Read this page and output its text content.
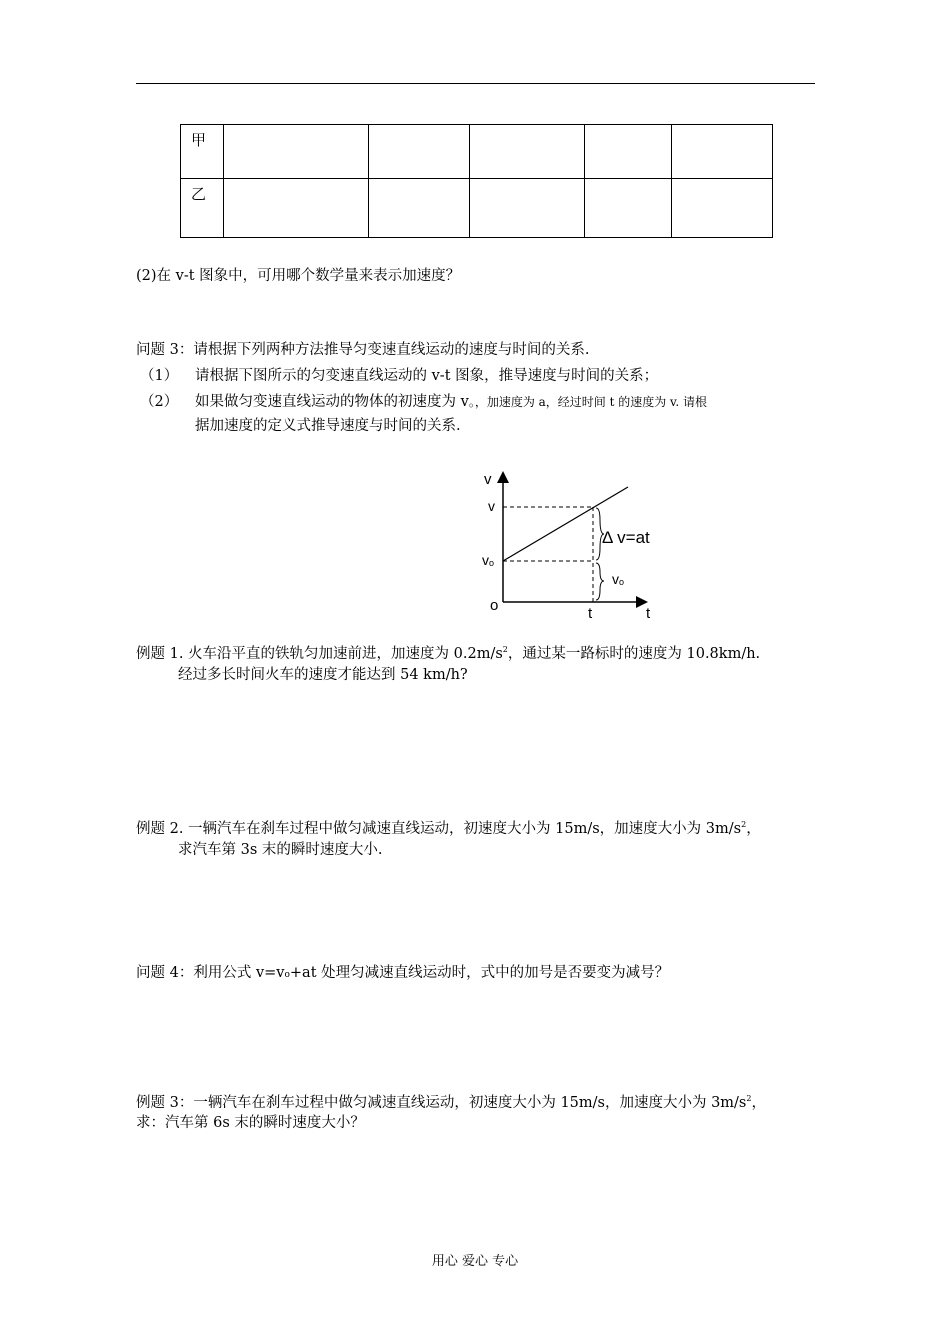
甲					
乙					
(2)在 v-t 图象中，可用哪个数学量来表示加速度？
问题 3：请根据下列两种方法推导匀变速直线运动的速度与时间的关系.
（1） 请根据下图所示的匀变速直线运动的 v-t 图象，推导速度与时间的关系；
（2） 如果做匀变速直线运动的物体的初速度为 v。，加速度为 a，经过时间 t 的速度为 v. 请根
据加速度的定义式推导速度与时间的关系.
v
t
o
v
vo
t
Δ v=at
vo
例题 1. 火车沿平直的铁轨匀加速前进，加速度为 $0.2m/s^2$，通过某一路标时的速度为 10.8km/h.
经过多长时间火车的速度才能达到 54 km/h?
例题 2. 一辆汽车在刹车过程中做匀减速直线运动，初速度大小为 15m/s，加速度大小为 $3m/s^2$，
求汽车第 3s 末的瞬时速度大小.
问题 4：利用公式 v=vo+at 处理匀减速直线运动时，式中的加号是否要变为减号？
例题 3：一辆汽车在刹车过程中做匀减速直线运动，初速度大小为 15m/s，加速度大小为 $3m/s^2$，
求：汽车第 6s 末的瞬时速度大小？
用心 爱心 专心
